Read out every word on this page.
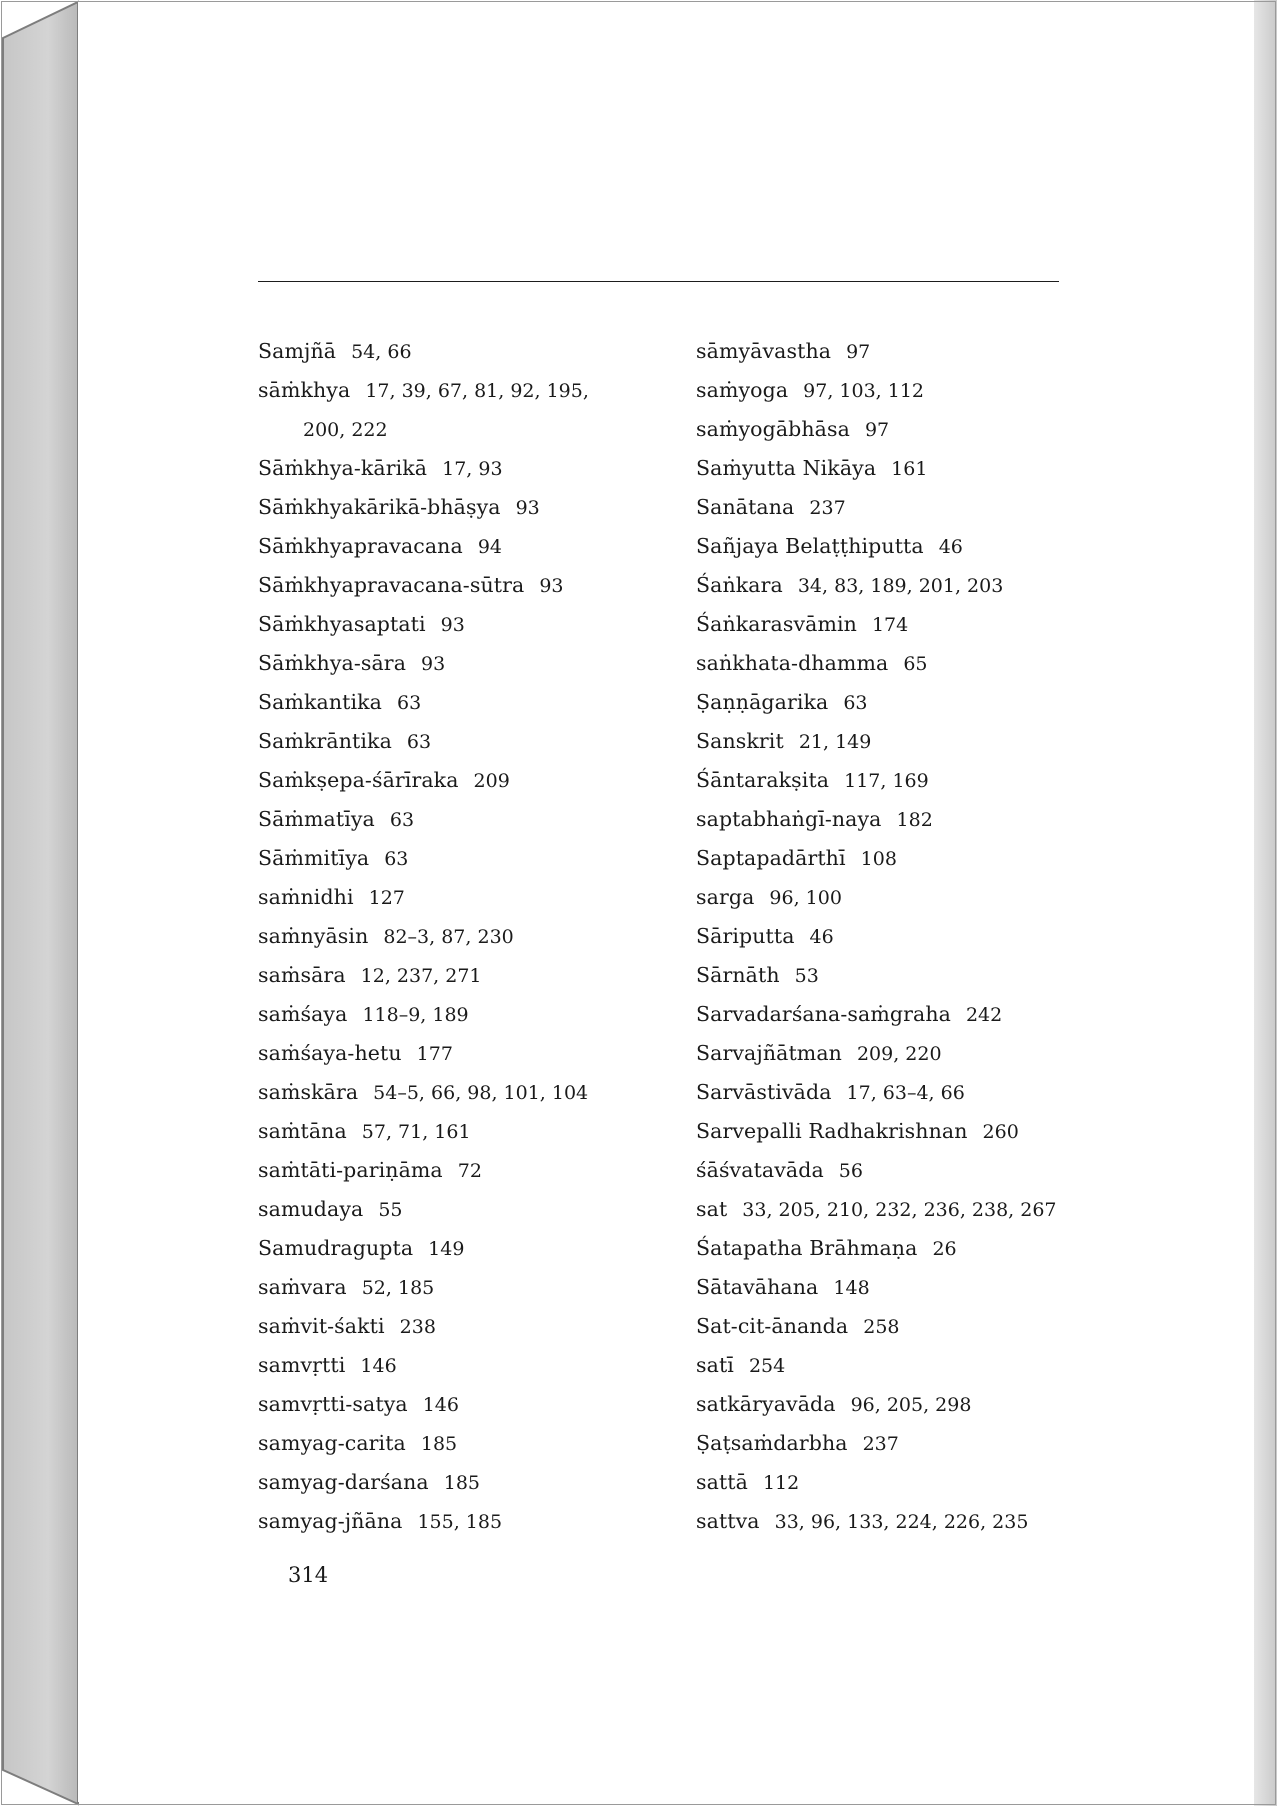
Samjñā 54, 66
sāṁkhya 17, 39, 67, 81, 92, 195,
200, 222
Sāṁkhya-kārikā 17, 93
Sāṁkhyakārikā-bhāṣya 93
Sāṁkhyapravacana 94
Sāṁkhyapravacana-sūtra 93
Sāṁkhyasaptati 93
Sāṁkhya-sāra 93
Saṁkantika 63
Saṁkrāntika 63
Saṁkṣepa-śārīraka 209
Sāṁmatīya 63
Sāṁmitīya 63
saṁnidhi 127
saṁnyāsin 82–3, 87, 230
saṁsāra 12, 237, 271
saṁśaya 118–9, 189
saṁśaya-hetu 177
saṁskāra 54–5, 66, 98, 101, 104
saṁtāna 57, 71, 161
saṁtāti-pariṇāma 72
samudaya 55
Samudragupta 149
saṁvara 52, 185
saṁvit-śakti 238
samvṛtti 146
samvṛtti-satya 146
samyag-carita 185
samyag-darśana 185
samyag-jñāna 155, 185
sāmyāvastha 97
saṁyoga 97, 103, 112
saṁyogābhāsa 97
Saṁyutta Nikāya 161
Sanātana 237
Sañjaya Belaṭṭhiputta 46
Śaṅkara 34, 83, 189, 201, 203
Śaṅkarasvāmin 174
saṅkhata-dhamma 65
Ṣaṇṇāgarika 63
Sanskrit 21, 149
Śāntarakṣita 117, 169
saptabhaṅgī-naya 182
Saptapadārthī 108
sarga 96, 100
Sāriputta 46
Sārnāth 53
Sarvadarśana-saṁgraha 242
Sarvajñātman 209, 220
Sarvāstivāda 17, 63–4, 66
Sarvepalli Radhakrishnan 260
śāśvatavāda 56
sat 33, 205, 210, 232, 236, 238, 267
Śatapatha Brāhmaṇa 26
Sātavāhana 148
Sat-cit-ānanda 258
satī 254
satkāryavāda 96, 205, 298
Ṣaṭsaṁdarbha 237
sattā 112
sattva 33, 96, 133, 224, 226, 235
314
